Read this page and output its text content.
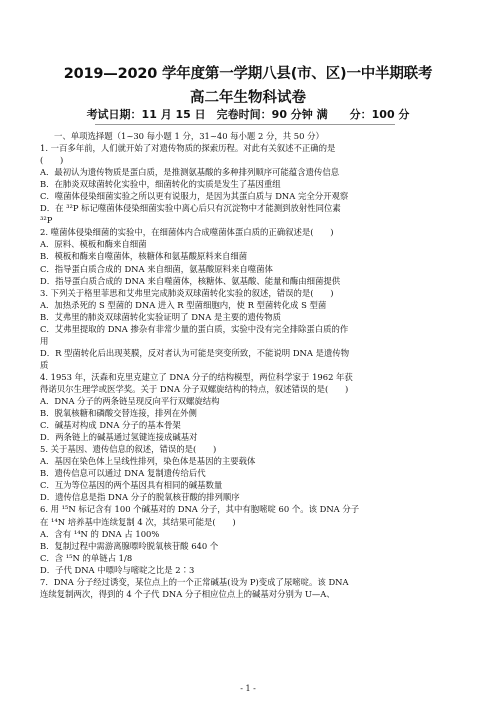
2019—2020 学年度第一学期八县(市、区)一中半期联考
高二年生物科试卷
考试日期：11 月 15 日　完卷时间：90 分钟 满　　分：100 分

一、单项选择题（1~30 每小题 1 分，31~40 每小题 2 分，共 50 分）

1. 一百多年前，人们就开始了对遗传物质的探索历程。对此有关叙述不正确的是

(　　)

A．最初认为遗传物质是蛋白质，是推测氨基酸的多种排列顺序可能蕴含遗传信息

B．在肺炎双球菌转化实验中，细菌转化的实质是发生了基因重组

C．噬菌体侵染细菌实验之所以更有说服力，是因为其蛋白质与 DNA 完全分开观察

D．在 ³²P 标记噬菌体侵染细菌实验中离心后只有沉淀物中才能测到放射性同位素

³²P

2. 噬菌体侵染细菌的实验中，在细菌体内合成噬菌体蛋白质的正确叙述是(　　)

A．原料、模板和酶来自细菌

B．模板和酶来自噬菌体，核糖体和氨基酸原料来自细菌

C．指导蛋白质合成的 DNA 来自细菌，氨基酸原料来自噬菌体

D．指导蛋白质合成的 DNA 来自噬菌体，核糖体、氨基酸、能量和酶由细菌提供

3. 下列关于格里菲思和艾弗里完成肺炎双球菌转化实验的叙述，错误的是(　　)

A．加热杀死的 S 型菌的 DNA 进入 R 型菌细胞内，使 R 型菌转化成 S 型菌

B．艾弗里的肺炎双球菌转化实验证明了 DNA 是主要的遗传物质

C．艾弗里提取的 DNA 掺杂有非常少量的蛋白质，实验中没有完全排除蛋白质的作

用

D．R 型菌转化后出现荚膜，反对者认为可能是突变所致，不能说明 DNA 是遗传物

质

4. 1953 年，沃森和克里克建立了 DNA 分子的结构模型，两位科学家于 1962 年获

得诺贝尔生理学或医学奖。关于 DNA 分子双螺旋结构的特点，叙述错误的是(　　)

A．DNA 分子的两条链呈现反向平行双螺旋结构

B．脱氧核糖和磷酸交替连接，排列在外侧

C．碱基对构成 DNA 分子的基本骨架

D．两条链上的碱基通过氢键连接成碱基对

5. 关于基因、遗传信息的叙述，错误的是(　　)

A．基因在染色体上呈线性排列，染色体是基因的主要载体

B．遗传信息可以通过 DNA 复制遗传给后代

C．互为等位基因的两个基因具有相同的碱基数量

D．遗传信息是指 DNA 分子的脱氧核苷酸的排列顺序

6. 用 ¹⁵N 标记含有 100 个碱基对的 DNA 分子，其中有胞嘧啶 60 个。该 DNA 分子

在 ¹⁴N 培养基中连续复制 4 次，其结果可能是(　　)

A．含有 ¹⁴N 的 DNA 占 100%

B．复制过程中需游离腺嘌呤脱氧核苷酸 640 个

C．含 ¹⁵N 的单链占 1/8

D．子代 DNA 中嘌呤与嘧啶之比是 2∶3

7．DNA 分子经过诱变，某位点上的一个正常碱基(设为 P)变成了尿嘧啶。该 DNA

连续复制两次，得到的 4 个子代 DNA 分子相应位点上的碱基对分别为 U—A、

- 1 -
